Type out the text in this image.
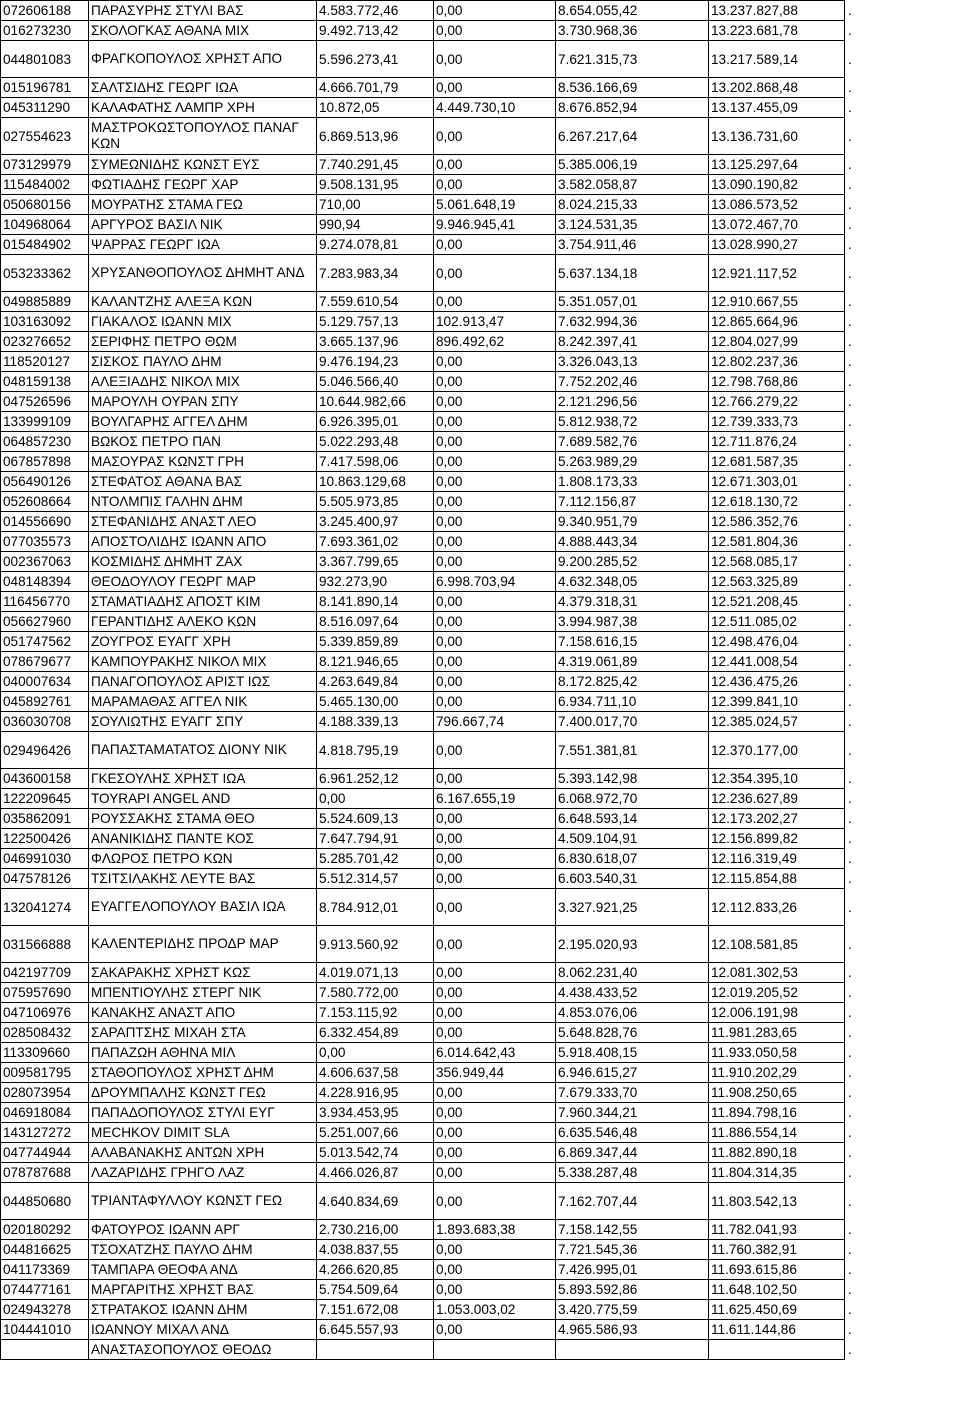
072606188	ΠΑΡΑΣΥΡΗΣ ΣΤΥΛΙ ΒΑΣ	4.583.772,46	0,00	8.654.055,42	13.237.827,88	.
016273230	ΣΚΟΛΟΓΚΑΣ ΑΘΑΝΑ ΜΙΧ	9.492.713,42	0,00	3.730.968,36	13.223.681,78	.
044801083	ΦΡΑΓΚΟΠΟΥΛΟΣ ΧΡΗΣΤ ΑΠΟ	5.596.273,41	0,00	7.621.315,73	13.217.589,14	.
015196781	ΣΑΛΤΣΙΔΗΣ ΓΕΩΡΓ ΙΩΑ	4.666.701,79	0,00	8.536.166,69	13.202.868,48	.
045311290	ΚΑΛΑΦΑΤΗΣ ΛΑΜΠΡ ΧΡΗ	10.872,05	4.449.730,10	8.676.852,94	13.137.455,09	.
027554623	ΜΑΣΤΡΟΚΩΣΤΟΠΟΥΛΟΣ ΠΑΝΑΓ ΚΩΝ	6.869.513,96	0,00	6.267.217,64	13.136.731,60	.
073129979	ΣΥΜΕΩΝΙΔΗΣ ΚΩΝΣΤ ΕΥΣ	7.740.291,45	0,00	5.385.006,19	13.125.297,64	.
115484002	ΦΩΤΙΑΔΗΣ ΓΕΩΡΓ ΧΑΡ	9.508.131,95	0,00	3.582.058,87	13.090.190,82	.
050680156	ΜΟΥΡΑΤΗΣ ΣΤΑΜΑ ΓΕΩ	710,00	5.061.648,19	8.024.215,33	13.086.573,52	.
104968064	ΑΡΓΥΡΟΣ ΒΑΣΙΛ ΝΙΚ	990,94	9.946.945,41	3.124.531,35	13.072.467,70	.
015484902	ΨΑΡΡΑΣ ΓΕΩΡΓ ΙΩΑ	9.274.078,81	0,00	3.754.911,46	13.028.990,27	.
053233362	ΧΡΥΣΑΝΘΟΠΟΥΛΟΣ ΔΗΜΗΤ ΑΝΔ	7.283.983,34	0,00	5.637.134,18	12.921.117,52	.
049885889	ΚΑΛΑΝΤΖΗΣ ΑΛΕΞΑ ΚΩΝ	7.559.610,54	0,00	5.351.057,01	12.910.667,55	.
103163092	ΓΙΑΚΑΛΟΣ ΙΩΑΝΝ ΜΙΧ	5.129.757,13	102.913,47	7.632.994,36	12.865.664,96	.
023276652	ΣΕΡΙΦΗΣ ΠΕΤΡΟ ΘΩΜ	3.665.137,96	896.492,62	8.242.397,41	12.804.027,99	.
118520127	ΣΙΣΚΟΣ ΠΑΥΛΟ ΔΗΜ	9.476.194,23	0,00	3.326.043,13	12.802.237,36	.
048159138	ΑΛΕΞΙΑΔΗΣ ΝΙΚΟΛ ΜΙΧ	5.046.566,40	0,00	7.752.202,46	12.798.768,86	.
047526596	ΜΑΡΟΥΛΗ ΟΥΡΑΝ ΣΠΥ	10.644.982,66	0,00	2.121.296,56	12.766.279,22	.
133999109	ΒΟΥΛΓΑΡΗΣ ΑΓΓΕΛ ΔΗΜ	6.926.395,01	0,00	5.812.938,72	12.739.333,73	.
064857230	ΒΩΚΟΣ ΠΕΤΡΟ ΠΑΝ	5.022.293,48	0,00	7.689.582,76	12.711.876,24	.
067857898	ΜΑΣΟΥΡΑΣ ΚΩΝΣΤ ΓΡΗ	7.417.598,06	0,00	5.263.989,29	12.681.587,35	.
056490126	ΣΤΕΦΑΤΟΣ ΑΘΑΝΑ ΒΑΣ	10.863.129,68	0,00	1.808.173,33	12.671.303,01	.
052608664	ΝΤΟΛΜΠΙΣ ΓΑΛΗΝ ΔΗΜ	5.505.973,85	0,00	7.112.156,87	12.618.130,72	.
014556690	ΣΤΕΦΑΝΙΔΗΣ ΑΝΑΣΤ ΛΕΟ	3.245.400,97	0,00	9.340.951,79	12.586.352,76	.
077035573	ΑΠΟΣΤΟΛΙΔΗΣ ΙΩΑΝΝ ΑΠΟ	7.693.361,02	0,00	4.888.443,34	12.581.804,36	.
002367063	ΚΟΣΜΙΔΗΣ ΔΗΜΗΤ ΖΑΧ	3.367.799,65	0,00	9.200.285,52	12.568.085,17	.
048148394	ΘΕΟΔΟΥΛΟΥ ΓΕΩΡΓ ΜΑΡ	932.273,90	6.998.703,94	4.632.348,05	12.563.325,89	.
116456770	ΣΤΑΜΑΤΙΑΔΗΣ ΑΠΟΣΤ ΚΙΜ	8.141.890,14	0,00	4.379.318,31	12.521.208,45	.
056627960	ΓΕΡΑΝΤΙΔΗΣ ΑΛΕΚΟ ΚΩΝ	8.516.097,64	0,00	3.994.987,38	12.511.085,02	.
051747562	ΖΟΥΓΡΟΣ ΕΥΑΓΓ ΧΡΗ	5.339.859,89	0,00	7.158.616,15	12.498.476,04	.
078679677	ΚΑΜΠΟΥΡΑΚΗΣ ΝΙΚΟΛ ΜΙΧ	8.121.946,65	0,00	4.319.061,89	12.441.008,54	.
040007634	ΠΑΝΑΓΟΠΟΥΛΟΣ ΑΡΙΣΤ ΙΩΣ	4.263.649,84	0,00	8.172.825,42	12.436.475,26	.
045892761	ΜΑΡΑΜΑΘΑΣ ΑΓΓΕΛ ΝΙΚ	5.465.130,00	0,00	6.934.711,10	12.399.841,10	.
036030708	ΣΟΥΛΙΩΤΗΣ ΕΥΑΓΓ ΣΠΥ	4.188.339,13	796.667,74	7.400.017,70	12.385.024,57	.
029496426	ΠΑΠΑΣΤΑΜΑΤΑΤΟΣ ΔΙΟΝΥ ΝΙΚ	4.818.795,19	0,00	7.551.381,81	12.370.177,00	.
043600158	ΓΚΕΣΟΥΛΗΣ ΧΡΗΣΤ ΙΩΑ	6.961.252,12	0,00	5.393.142,98	12.354.395,10	.
122209645	ΤΟΥRAPI ANGEL AND	0,00	6.167.655,19	6.068.972,70	12.236.627,89	.
035862091	ΡΟΥΣΣΑΚΗΣ ΣΤΑΜΑ ΘΕΟ	5.524.609,13	0,00	6.648.593,14	12.173.202,27	.
122500426	ΑΝΑΝΙΚΙΔΗΣ ΠΑΝΤΕ ΚΟΣ	7.647.794,91	0,00	4.509.104,91	12.156.899,82	.
046991030	ΦΛΩΡΟΣ ΠΕΤΡΟ ΚΩΝ	5.285.701,42	0,00	6.830.618,07	12.116.319,49	.
047578126	ΤΣΙΤΣΙΛΑΚΗΣ ΛΕΥΤΕ ΒΑΣ	5.512.314,57	0,00	6.603.540,31	12.115.854,88	.
132041274	ΕΥΑΓΓΕΛΟΠΟΥΛΟΥ ΒΑΣΙΛ ΙΩΑ	8.784.912,01	0,00	3.327.921,25	12.112.833,26	.
031566888	ΚΑΛΕΝΤΕΡΙΔΗΣ ΠΡΟΔΡ ΜΑΡ	9.913.560,92	0,00	2.195.020,93	12.108.581,85	.
042197709	ΣΑΚΑΡΑΚΗΣ ΧΡΗΣΤ ΚΩΣ	4.019.071,13	0,00	8.062.231,40	12.081.302,53	.
075957690	ΜΠΕΝΤΙΟΥΛΗΣ ΣΤΕΡΓ ΝΙΚ	7.580.772,00	0,00	4.438.433,52	12.019.205,52	.
047106976	ΚΑΝΑΚΗΣ ΑΝΑΣΤ ΑΠΟ	7.153.115,92	0,00	4.853.076,06	12.006.191,98	.
028508432	ΣΑΡΑΠΤΣΗΣ ΜΙΧΑΗ ΣΤΑ	6.332.454,89	0,00	5.648.828,76	11.981.283,65	.
113309660	ΠΑΠΑΖΩΗ ΑΘΗΝΑ ΜΙΛ	0,00	6.014.642,43	5.918.408,15	11.933.050,58	.
009581795	ΣΤΑΘΟΠΟΥΛΟΣ ΧΡΗΣΤ ΔΗΜ	4.606.637,58	356.949,44	6.946.615,27	11.910.202,29	.
028073954	ΔΡΟΥΜΠΑΛΗΣ ΚΩΝΣΤ ΓΕΩ	4.228.916,95	0,00	7.679.333,70	11.908.250,65	.
046918084	ΠΑΠΑΔΟΠΟΥΛΟΣ ΣΤΥΛΙ ΕΥΓ	3.934.453,95	0,00	7.960.344,21	11.894.798,16	.
143127272	MECHKOV DIMIT SLA	5.251.007,66	0,00	6.635.546,48	11.886.554,14	.
047744944	ΑΛΑΒΑΝΑΚΗΣ ΑΝΤΩΝ ΧΡΗ	5.013.542,74	0,00	6.869.347,44	11.882.890,18	.
078787688	ΛΑΖΑΡΙΔΗΣ ΓΡΗΓΟ ΛΑΖ	4.466.026,87	0,00	5.338.287,48	11.804.314,35	.
044850680	ΤΡΙΑΝΤΑΦΥΛΛΟΥ ΚΩΝΣΤ ΓΕΩ	4.640.834,69	0,00	7.162.707,44	11.803.542,13	.
020180292	ΦΑΤΟΥΡΟΣ ΙΩΑΝΝ ΑΡΓ	2.730.216,00	1.893.683,38	7.158.142,55	11.782.041,93	.
044816625	ΤΣΟΧΑΤΖΗΣ ΠΑΥΛΟ ΔΗΜ	4.038.837,55	0,00	7.721.545,36	11.760.382,91	.
041173369	ΤΑΜΠΑΡΑ ΘΕΟΦΑ ΑΝΔ	4.266.620,85	0,00	7.426.995,01	11.693.615,86	.
074477161	ΜΑΡΓΑΡΙΤΗΣ ΧΡΗΣΤ ΒΑΣ	5.754.509,64	0,00	5.893.592,86	11.648.102,50	.
024943278	ΣΤΡΑΤΑΚΟΣ ΙΩΑΝΝ ΔΗΜ	7.151.672,08	1.053.003,02	3.420.775,59	11.625.450,69	.
104441010	ΙΩΑΝΝΟΥ ΜΙΧΑΛ ΑΝΔ	6.645.557,93	0,00	4.965.586,93	11.611.144,86	.
	ΑΝΑΣΤΑΣΟΠΟΥΛΟΣ ΘΕΟΔΩ					.
